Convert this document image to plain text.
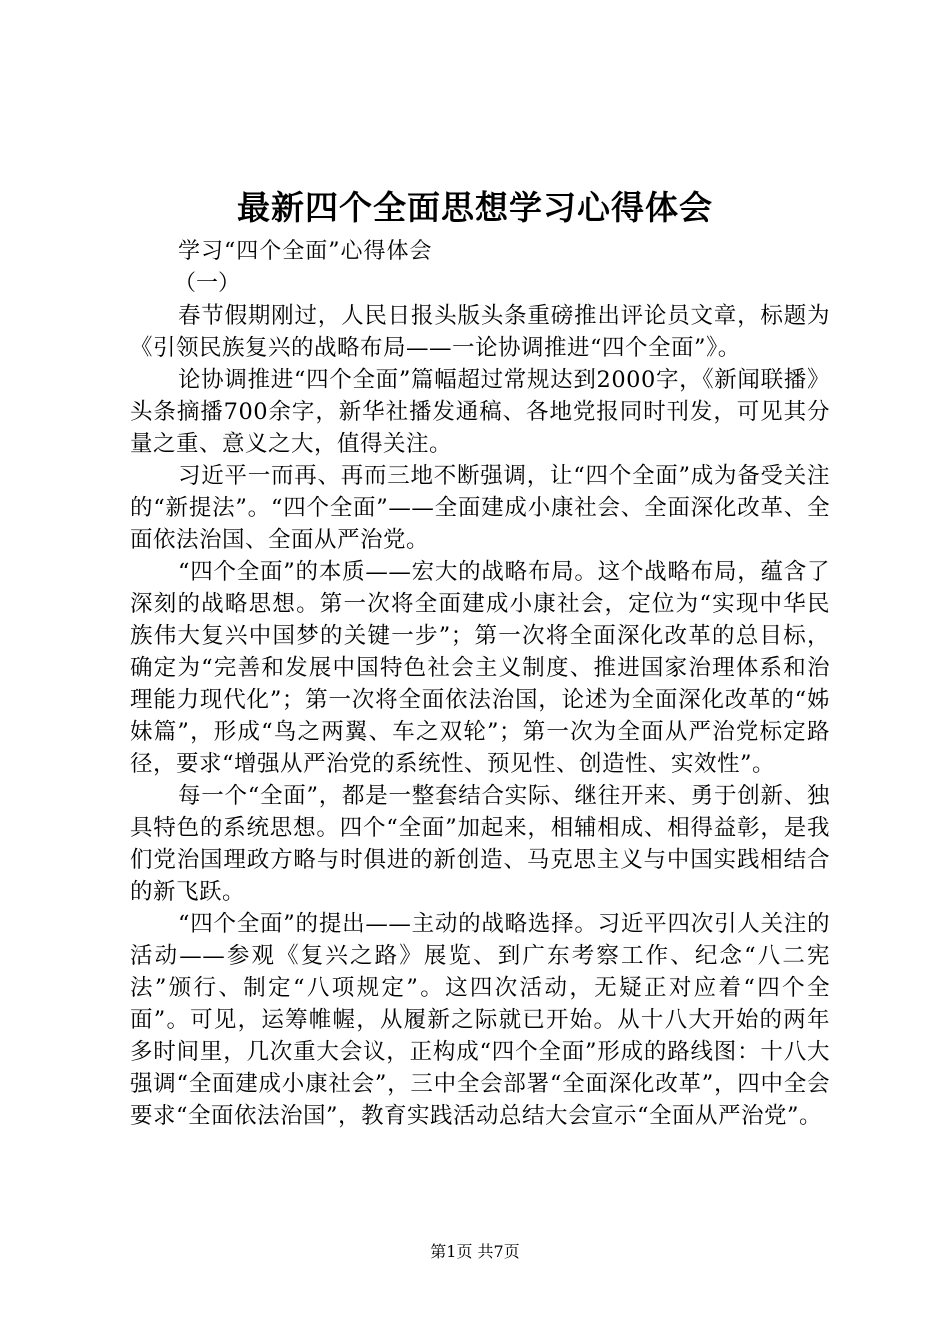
最新四个全面思想学习心得体会

学习“四个全面”心得体会

（一）

春节假期刚过，人民日报头版头条重磅推出评论员文章，标题为《引领民族复兴的战略布局——一论协调推进“四个全面”》。

论协调推进“四个全面”篇幅超过常规达到2000字，《新闻联播》头条摘播700余字，新华社播发通稿、各地党报同时刊发，可见其分量之重、意义之大，值得关注。

习近平一而再、再而三地不断强调，让“四个全面”成为备受关注的“新提法”。“四个全面”——全面建成小康社会、全面深化改革、全面依法治国、全面从严治党。

“四个全面”的本质——宏大的战略布局。这个战略布局，蕴含了深刻的战略思想。第一次将全面建成小康社会，定位为“实现中华民族伟大复兴中国梦的关键一步”；第一次将全面深化改革的总目标，确定为“完善和发展中国特色社会主义制度、推进国家治理体系和治理能力现代化”；第一次将全面依法治国，论述为全面深化改革的“姊妹篇”，形成“鸟之两翼、车之双轮”；第一次为全面从严治党标定路径，要求“增强从严治党的系统性、预见性、创造性、实效性”。

每一个“全面”，都是一整套结合实际、继往开来、勇于创新、独具特色的系统思想。四个“全面”加起来，相辅相成、相得益彰，是我们党治国理政方略与时俱进的新创造、马克思主义与中国实践相结合的新飞跃。

“四个全面”的提出——主动的战略选择。习近平四次引人关注的活动——参观《复兴之路》展览、到广东考察工作、纪念“八二宪法”颁行、制定“八项规定”。这四次活动，无疑正对应着“四个全面”。可见，运筹帷幄，从履新之际就已开始。从十八大开始的两年多时间里，几次重大会议，正构成“四个全面”形成的路线图：十八大强调“全面建成小康社会”，三中全会部署“全面深化改革”，四中全会要求“全面依法治国”，教育实践活动总结大会宣示“全面从严治党”。

第1页 共7页
